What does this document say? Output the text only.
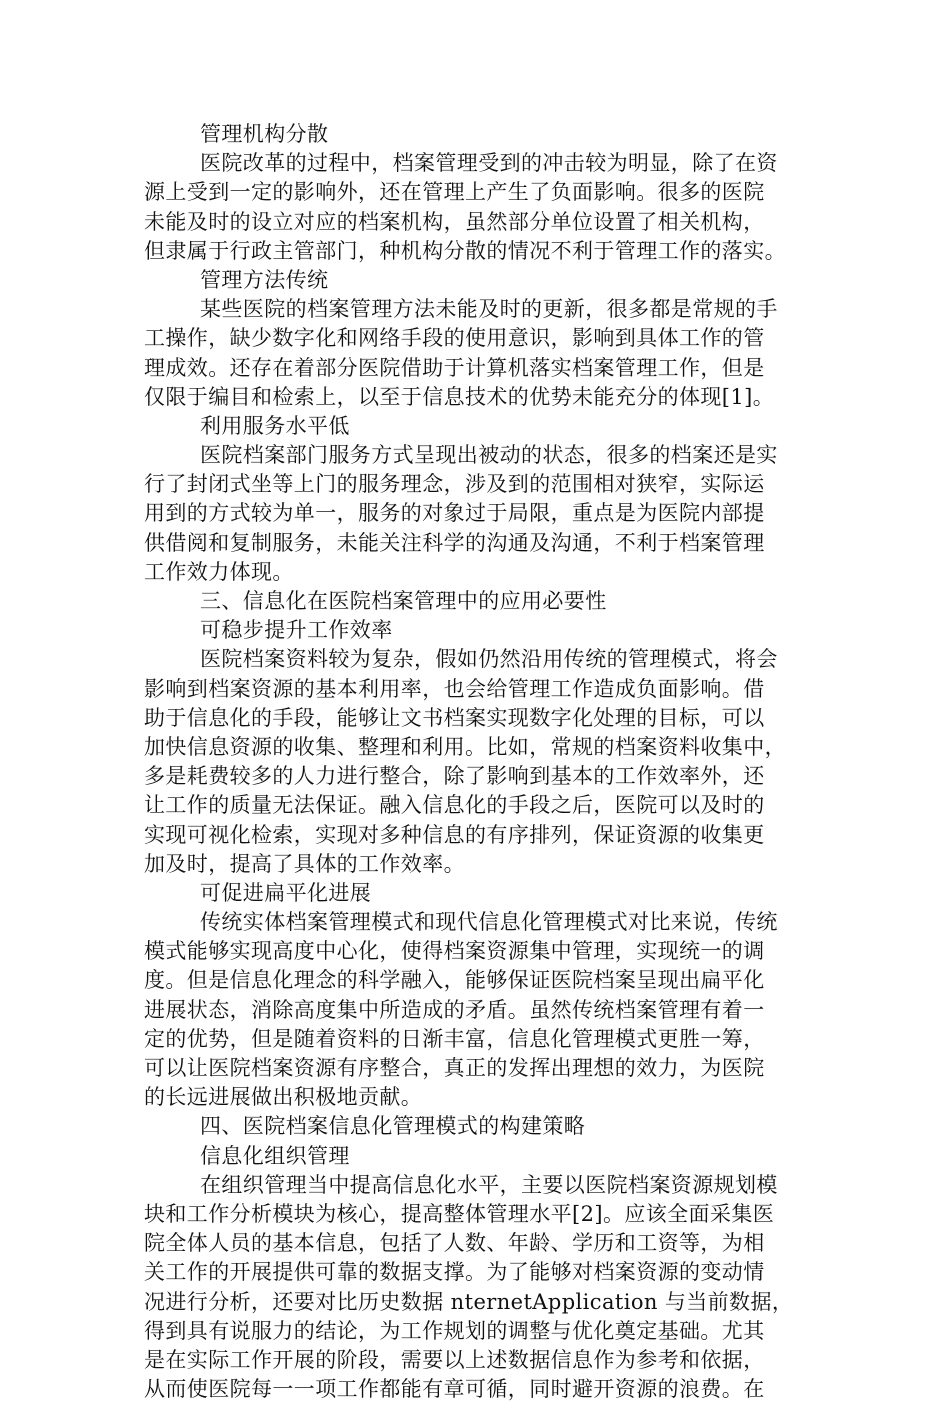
管理机构分散
医院改革的过程中，档案管理受到的冲击较为明显，除了在资
源上受到一定的影响外，还在管理上产生了负面影响。很多的医院
未能及时的设立对应的档案机构，虽然部分单位设置了相关机构，
但隶属于行政主管部门，种机构分散的情况不利于管理工作的落实。
管理方法传统
某些医院的档案管理方法未能及时的更新，很多都是常规的手
工操作，缺少数字化和网络手段的使用意识，影响到具体工作的管
理成效。还存在着部分医院借助于计算机落实档案管理工作，但是
仅限于编目和检索上，以至于信息技术的优势未能充分的体现[1]。
利用服务水平低
医院档案部门服务方式呈现出被动的状态，很多的档案还是实
行了封闭式坐等上门的服务理念，涉及到的范围相对狭窄，实际运
用到的方式较为单一，服务的对象过于局限，重点是为医院内部提
供借阅和复制服务，未能关注科学的沟通及沟通，不利于档案管理
工作效力体现。
三、信息化在医院档案管理中的应用必要性
可稳步提升工作效率
医院档案资料较为复杂，假如仍然沿用传统的管理模式，将会
影响到档案资源的基本利用率，也会给管理工作造成负面影响。借
助于信息化的手段，能够让文书档案实现数字化处理的目标，可以
加快信息资源的收集、整理和利用。比如，常规的档案资料收集中，
多是耗费较多的人力进行整合，除了影响到基本的工作效率外，还
让工作的质量无法保证。融入信息化的手段之后，医院可以及时的
实现可视化检索，实现对多种信息的有序排列，保证资源的收集更
加及时，提高了具体的工作效率。
可促进扁平化进展
传统实体档案管理模式和现代信息化管理模式对比来说，传统
模式能够实现高度中心化，使得档案资源集中管理，实现统一的调
度。但是信息化理念的科学融入，能够保证医院档案呈现出扁平化
进展状态，消除高度集中所造成的矛盾。虽然传统档案管理有着一
定的优势，但是随着资料的日渐丰富，信息化管理模式更胜一筹，
可以让医院档案资源有序整合，真正的发挥出理想的效力，为医院
的长远进展做出积极地贡献。
四、医院档案信息化管理模式的构建策略
信息化组织管理
在组织管理当中提高信息化水平，主要以医院档案资源规划模
块和工作分析模块为核心，提高整体管理水平[2]。应该全面采集医
院全体人员的基本信息，包括了人数、年龄、学历和工资等，为相
关工作的开展提供可靠的数据支撑。为了能够对档案资源的变动情
况进行分析，还要对比历史数据 nternetApplication 与当前数据，
得到具有说服力的结论，为工作规划的调整与优化奠定基础。尤其
是在实际工作开展的阶段，需要以上述数据信息作为参考和依据，
从而使医院每一一项工作都能有章可循，同时避开资源的浪费。在
